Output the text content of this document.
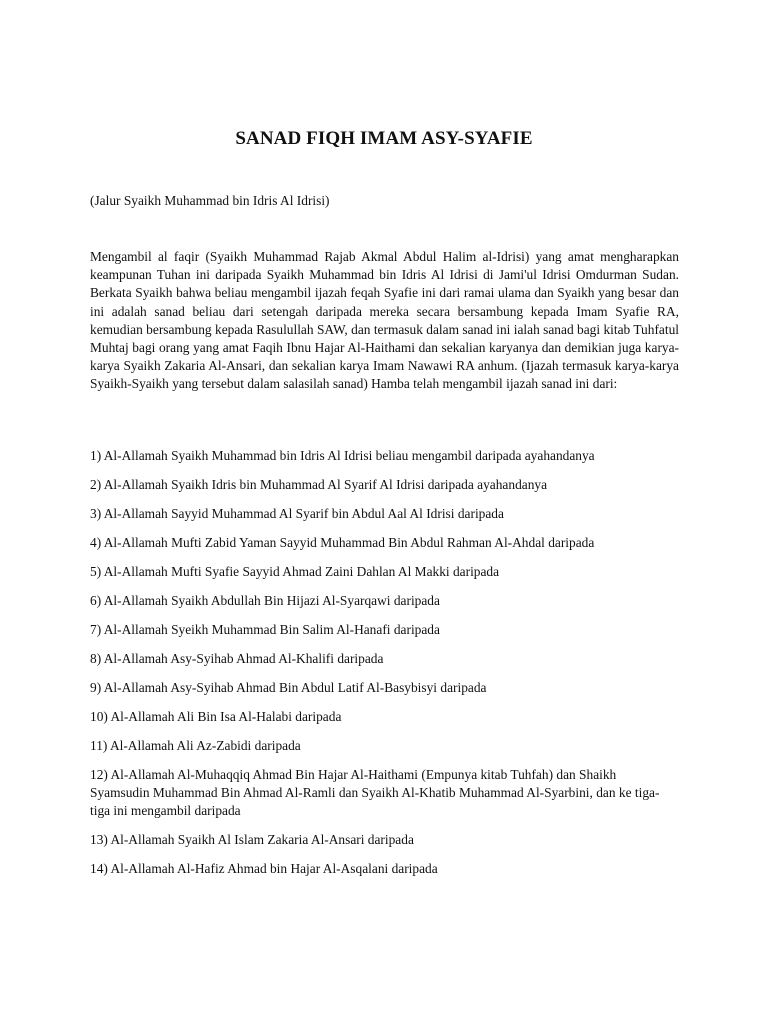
SANAD FIQH IMAM ASY-SYAFIE

(Jalur Syaikh Muhammad bin Idris Al Idrisi)

Mengambil al faqir (Syaikh Muhammad Rajab Akmal Abdul Halim al-Idrisi) yang amat mengharapkan keampunan Tuhan ini daripada Syaikh Muhammad bin Idris Al Idrisi di Jami'ul Idrisi Omdurman Sudan. Berkata Syaikh bahwa beliau mengambil ijazah feqah Syafie ini dari ramai ulama dan Syaikh yang besar dan ini adalah sanad beliau dari setengah daripada mereka secara bersambung kepada Imam Syafie RA, kemudian bersambung kepada Rasulullah SAW, dan termasuk dalam sanad ini ialah sanad bagi kitab Tuhfatul Muhtaj bagi orang yang amat Faqih Ibnu Hajar Al-Haithami dan sekalian karyanya dan demikian juga karya-karya Syaikh Zakaria Al-Ansari, dan sekalian karya Imam Nawawi RA anhum. (Ijazah termasuk karya-karya Syaikh-Syaikh yang tersebut dalam salasilah sanad) Hamba telah mengambil ijazah sanad ini dari:

1) Al-Allamah Syaikh Muhammad bin Idris Al Idrisi beliau mengambil daripada ayahandanya
2) Al-Allamah Syaikh Idris bin Muhammad Al Syarif Al Idrisi daripada ayahandanya
3) Al-Allamah Sayyid Muhammad Al Syarif bin Abdul Aal Al Idrisi daripada
4) Al-Allamah Mufti Zabid Yaman Sayyid Muhammad Bin Abdul Rahman Al-Ahdal daripada
5) Al-Allamah Mufti Syafie Sayyid Ahmad Zaini Dahlan Al Makki daripada
6) Al-Allamah Syaikh Abdullah Bin Hijazi Al-Syarqawi daripada
7) Al-Allamah Syeikh Muhammad Bin Salim Al-Hanafi daripada
8) Al-Allamah Asy-Syihab Ahmad Al-Khalifi daripada
9) Al-Allamah Asy-Syihab Ahmad Bin Abdul Latif Al-Basybisyi daripada
10) Al-Allamah Ali Bin Isa Al-Halabi daripada
11) Al-Allamah Ali Az-Zabidi daripada
12) Al-Allamah Al-Muhaqqiq Ahmad Bin Hajar Al-Haithami (Empunya kitab Tuhfah) dan Shaikh Syamsudin Muhammad Bin Ahmad Al-Ramli dan Syaikh Al-Khatib Muhammad Al-Syarbini, dan ke tiga-tiga ini mengambil daripada
13) Al-Allamah Syaikh Al Islam Zakaria Al-Ansari daripada
14) Al-Allamah Al-Hafiz Ahmad bin Hajar Al-Asqalani daripada
